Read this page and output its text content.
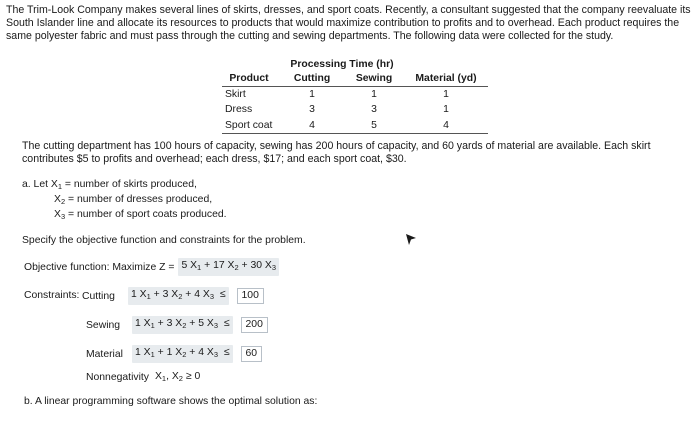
The Trim-Look Company makes several lines of skirts, dresses, and sport coats. Recently, a consultant suggested that the company reevaluate its South Islander line and allocate its resources to products that would maximize contribution to profits and to overhead. Each product requires the same polyester fabric and must pass through the cutting and sewing departments. The following data were collected for the study.

	Processing Time (hr)		
Product	Cutting	Sewing	Material (yd)
Skirt	1	1	1
Dress	3	3	1
Sport coat	4	5	4

The cutting department has 100 hours of capacity, sewing has 200 hours of capacity, and 60 yards of material are available. Each skirt contributes $5 to profits and overhead; each dress, $17; and each sport coat, $30.

a. Let $X_1$ = number of skirts produced,
$X_2$ = number of dresses produced,
$X_3$ = number of sport coats produced.
Specify the objective function and constraints for the problem.
Objective function: Maximize Z = 5 $X_1 + 17$ $X_2 + 30$ $X_3$
Constraints: Cutting	1 $X_1 + 3$ $X_2 + 4$ $X_3$ ≤	100
Sewing	1 $X_1 + 3$ $X_2 + 5$ $X_3$ ≤	200
Material	1 $X_1 + 1$ $X_2 + 4$ $X_3$ ≤	60
Nonnegativity $X_1$, $X_2 \ge 0$
b. A linear programming software shows the optimal solution as:
